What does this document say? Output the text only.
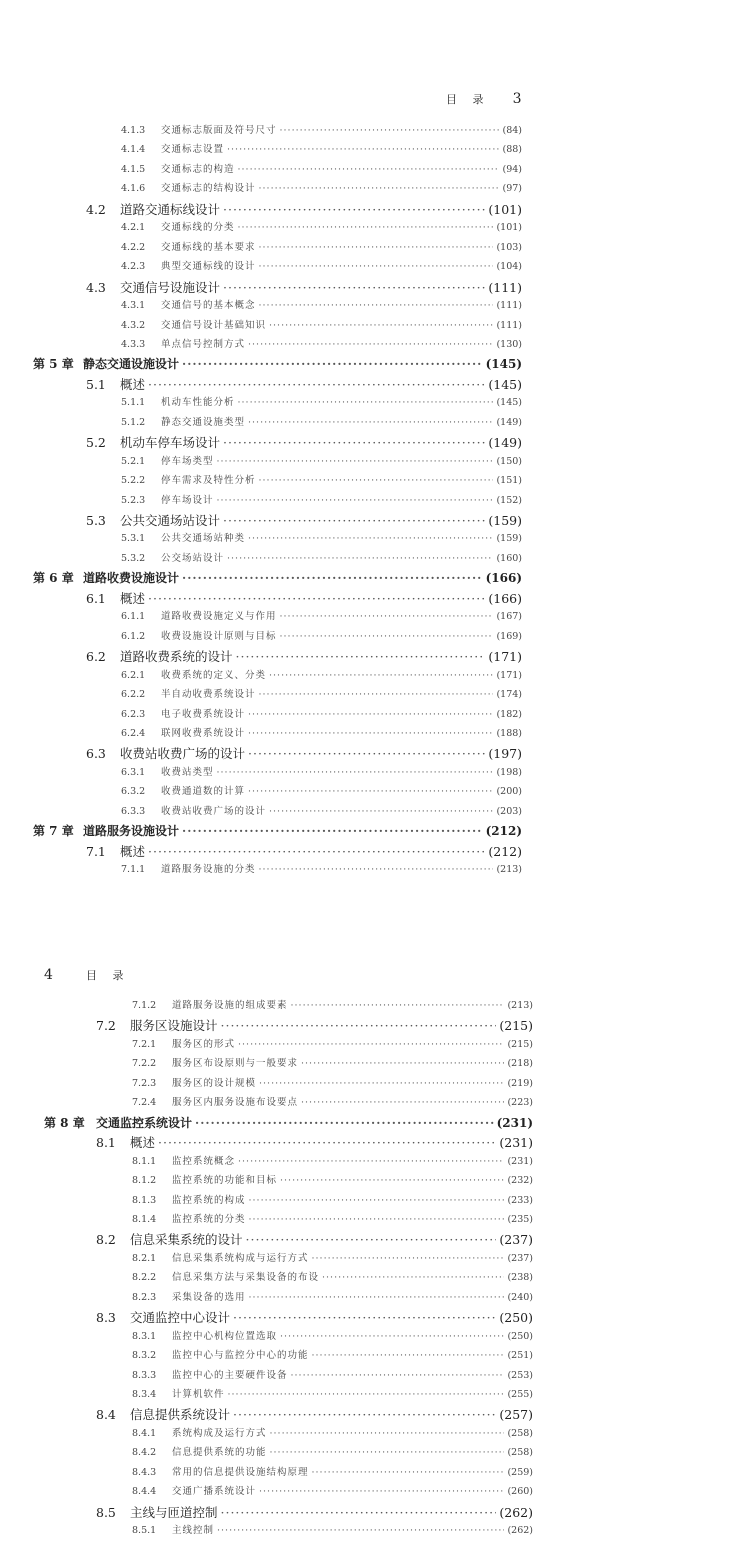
目 录 3
4.1.3	交通标志版面及符号尺寸 ·····	(84)
4.1.4	交通标志设置 ·····	(88)
4.1.5	交通标志的构造 ·····	(94)
4.1.6	交通标志的结构设计 ·····	(97)
4.2	道路交通标线设计 ·····	(101)
4.2.1	交通标线的分类 ·····	(101)
4.2.2	交通标线的基本要求 ·····	(103)
4.2.3	典型交通标线的设计 ·····	(104)
4.3	交通信号设施设计 ·····	(111)
4.3.1	交通信号的基本概念 ·····	(111)
4.3.2	交通信号设计基础知识 ·····	(111)
4.3.3	单点信号控制方式 ·····	(130)
第 5 章 静态交通设施设计 ·····	(145)
5.1	概述 ·····	(145)
5.1.1	机动车性能分析 ·····	(145)
5.1.2	静态交通设施类型 ·····	(149)
5.2	机动车停车场设计 ·····	(149)
5.2.1	停车场类型 ·····	(150)
5.2.2	停车需求及特性分析 ·····	(151)
5.2.3	停车场设计 ·····	(152)
5.3	公共交通场站设计 ·····	(159)
5.3.1	公共交通场站种类 ·····	(159)
5.3.2	公交场站设计 ·····	(160)
第 6 章 道路收费设施设计 ·····	(166)
6.1	概述 ·····	(166)
6.1.1	道路收费设施定义与作用 ·····	(167)
6.1.2	收费设施设计原则与目标 ·····	(169)
6.2	道路收费系统的设计 ·····	(171)
6.2.1	收费系统的定义、分类 ·····	(171)
6.2.2	半自动收费系统设计 ·····	(174)
6.2.3	电子收费系统设计 ·····	(182)
6.2.4	联网收费系统设计 ·····	(188)
6.3	收费站收费广场的设计 ·····	(197)
6.3.1	收费站类型 ·····	(198)
6.3.2	收费通道数的计算 ·····	(200)
6.3.3	收费站收费广场的设计 ·····	(203)
第 7 章 道路服务设施设计 ·····	(212)
7.1	概述 ·····	(212)
7.1.1	道路服务设施的分类 ·····	(213)
4	目 录
7.1.2	道路服务设施的组成要素 ·····	(213)
7.2	服务区设施设计 ·····	(215)
7.2.1	服务区的形式 ·····	(215)
7.2.2	服务区布设原则与一般要求 ·····	(218)
7.2.3	服务区的设计规模 ·····	(219)
7.2.4	服务区内服务设施布设要点 ·····	(223)
第 8 章 交通监控系统设计 ·····	(231)
8.1	概述 ·····	(231)
8.1.1	监控系统概念 ·····	(231)
8.1.2	监控系统的功能和目标 ·····	(232)
8.1.3	监控系统的构成 ·····	(233)
8.1.4	监控系统的分类 ·····	(235)
8.2	信息采集系统的设计 ·····	(237)
8.2.1	信息采集系统构成与运行方式 ·····	(237)
8.2.2	信息采集方法与采集设备的布设 ·····	(238)
8.2.3	采集设备的选用 ·····	(240)
8.3	交通监控中心设计 ·····	(250)
8.3.1	监控中心机构位置选取 ·····	(250)
8.3.2	监控中心与监控分中心的功能 ·····	(251)
8.3.3	监控中心的主要硬件设备 ·····	(253)
8.3.4	计算机软件 ·····	(255)
8.4	信息提供系统设计 ·····	(257)
8.4.1	系统构成及运行方式 ·····	(258)
8.4.2	信息提供系统的功能 ·····	(258)
8.4.3	常用的信息提供设施结构原理 ·····	(259)
8.4.4	交通广播系统设计 ·····	(260)
8.5	主线与匝道控制 ·····	(262)
8.5.1	主线控制 ·····	(262)
